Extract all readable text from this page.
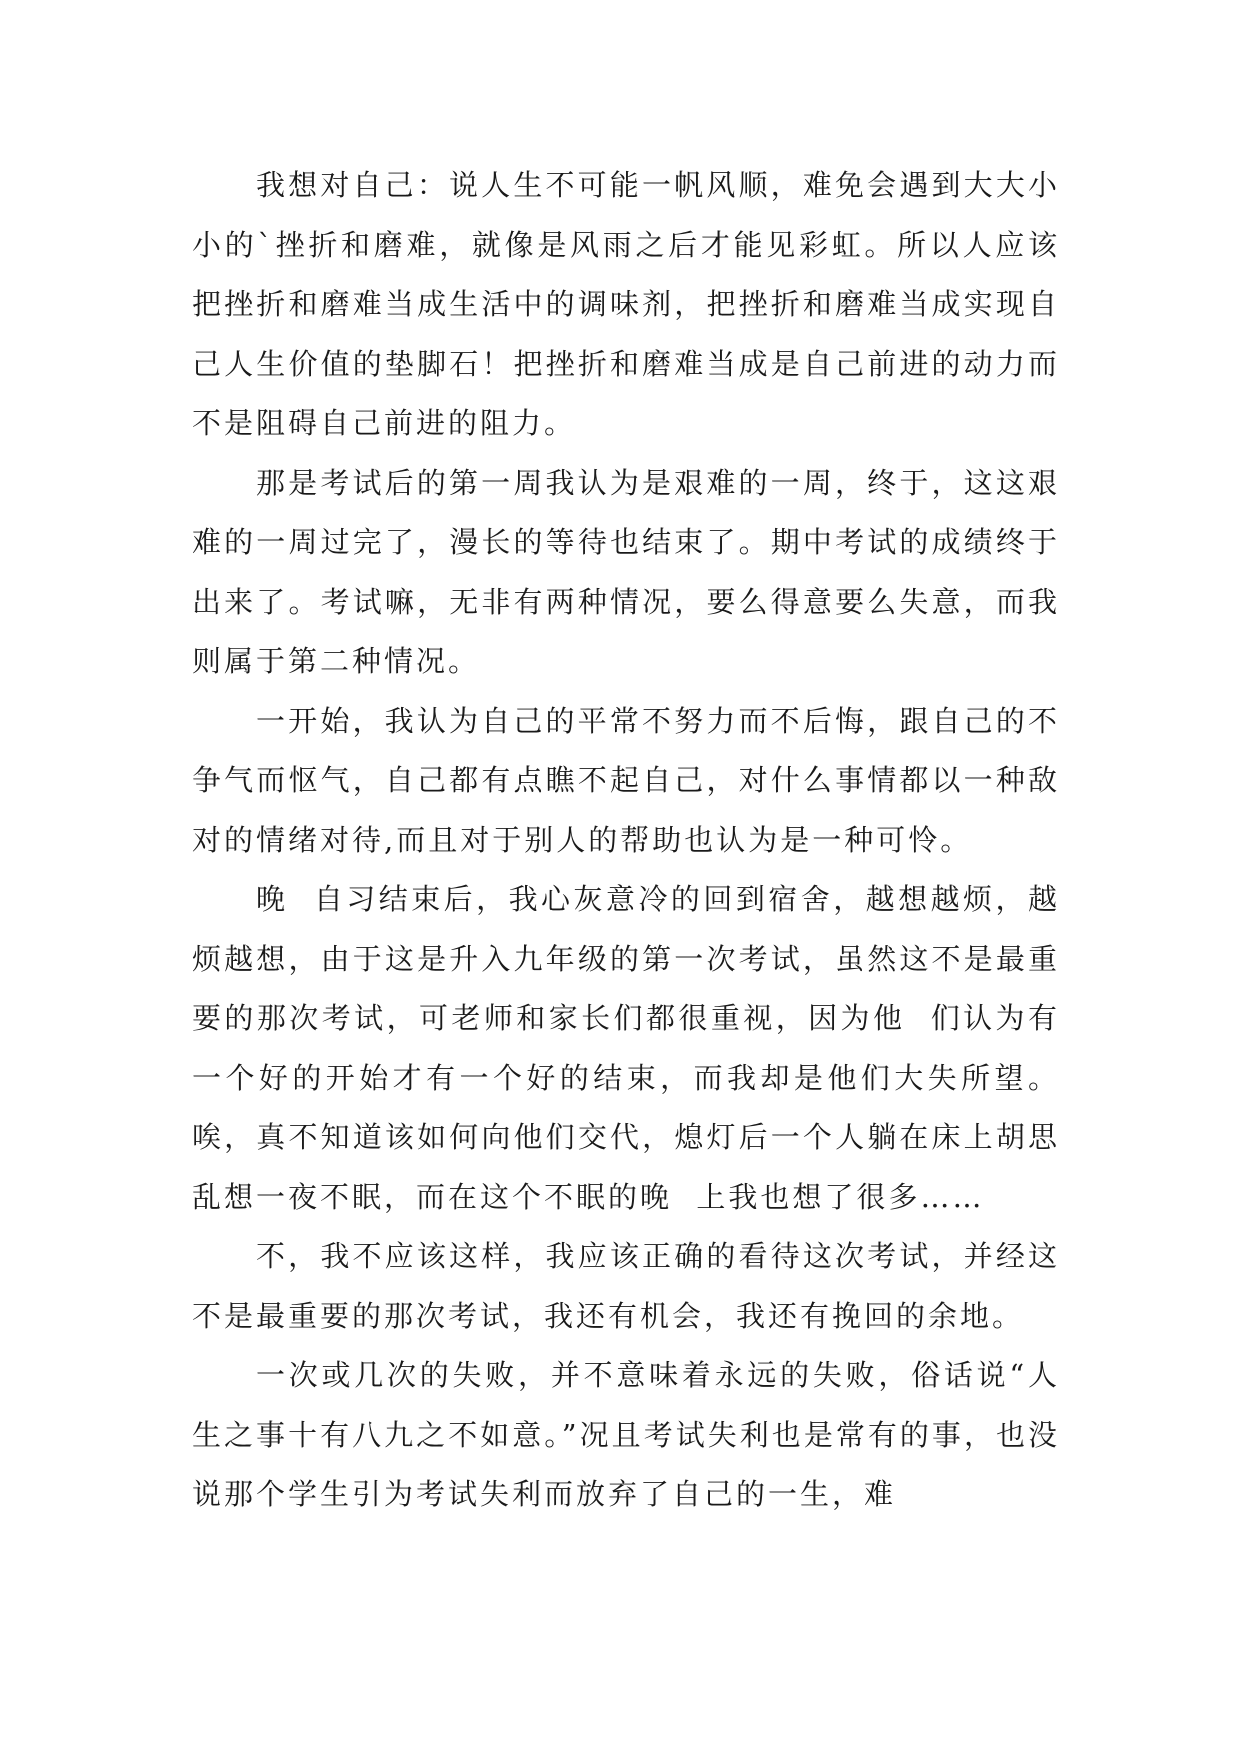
我想对自己：说人生不可能一帆风顺，难免会遇到大大小小的`挫折和磨难，就像是风雨之后才能见彩虹。所以人应该把挫折和磨难当成生活中的调味剂，把挫折和磨难当成实现自己人生价值的垫脚石！把挫折和磨难当成是自己前进的动力而不是阻碍自己前进的阻力。

那是考试后的第一周我认为是艰难的一周，终于，这这艰难的一周过完了，漫长的等待也结束了。期中考试的成绩终于出来了。考试嘛，无非有两种情况，要么得意要么失意，而我则属于第二种情况。

一开始，我认为自己的平常不努力而不后悔，跟自己的不争气而怄气，自己都有点瞧不起自己，对什么事情都以一种敌对的情绪对待,而且对于别人的帮助也认为是一种可怜。

晚  自习结束后，我心灰意冷的回到宿舍，越想越烦，越烦越想，由于这是升入九年级的第一次考试，虽然这不是最重要的那次考试，可老师和家长们都很重视，因为他  们认为有一个好的开始才有一个好的结束，而我却是他们大失所望。唉，真不知道该如何向他们交代，熄灯后一个人躺在床上胡思乱想一夜不眠，而在这个不眠的晚  上我也想了很多……

不，我不应该这样，我应该正确的看待这次考试，并经这不是最重要的那次考试，我还有机会，我还有挽回的余地。

一次或几次的失败，并不意味着永远的失败，俗话说“人生之事十有八九之不如意。”况且考试失利也是常有的事，也没说那个学生引为考试失利而放弃了自己的一生，难
